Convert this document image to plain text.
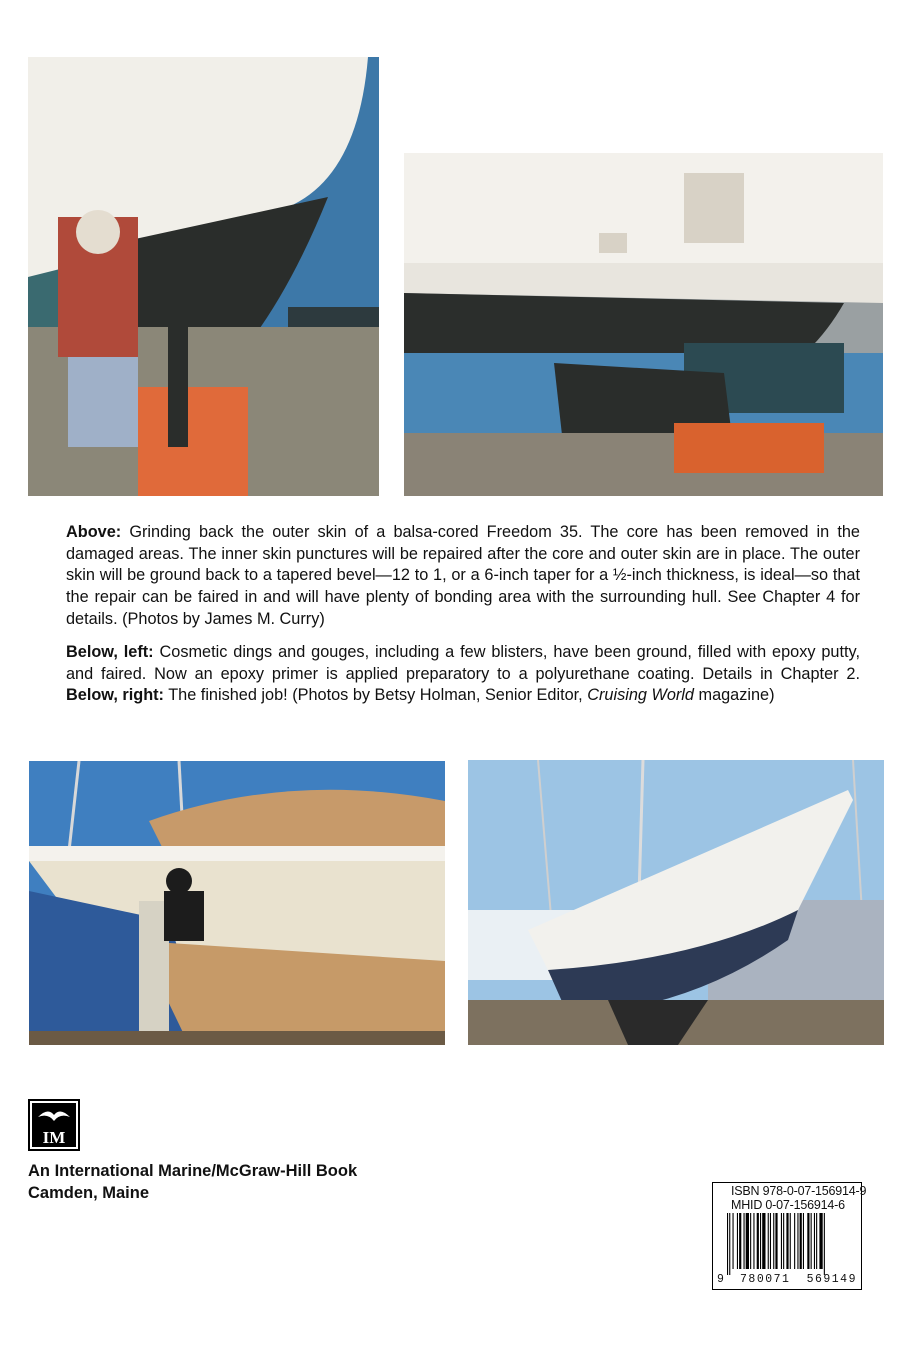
Above: Grinding back the outer skin of a balsa-cored Freedom 35. The core has been removed in the damaged areas. The inner skin punctures will be repaired after the core and outer skin are in place. The outer skin will be ground back to a tapered bevel—12 to 1, or a 6-inch taper for a ½-inch thickness, is ideal—so that the repair can be faired in and will have plenty of bonding area with the surrounding hull. See Chapter 4 for details. (Photos by James M. Curry)

Below, left: Cosmetic dings and gouges, including a few blisters, have been ground, filled with epoxy putty, and faired. Now an epoxy primer is applied preparatory to a polyurethane coating. Details in Chapter 2. Below, right: The finished job! (Photos by Betsy Holman, Senior Editor, Cruising World magazine)

IM
An International Marine/McGraw-Hill Book
Camden, Maine	ISBN 978-0-07-156914-9
MHID 0-07-156914-6
9 780071 569149
